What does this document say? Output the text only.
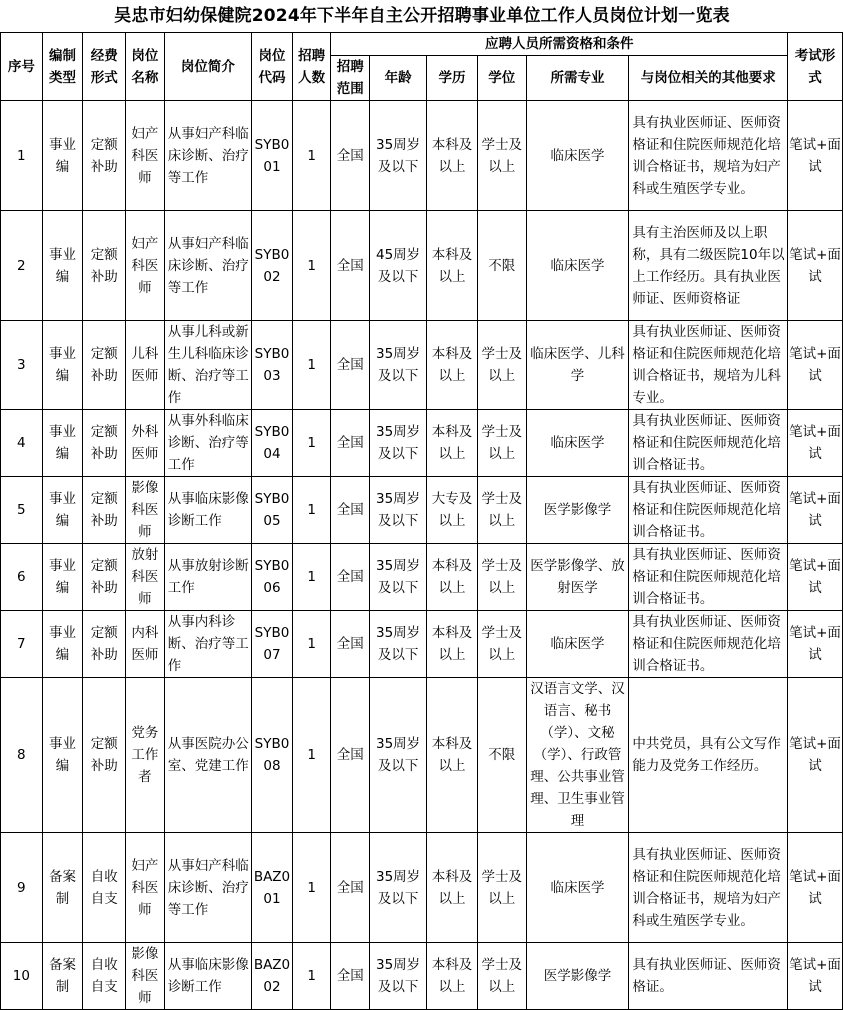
吴忠市妇幼保健院2024年下半年自主公开招聘事业单位工作人员岗位计划一览表
序号	编制类型	经费形式	岗位名称	岗位简介	岗位代码	招聘人数	应聘人员所需资格和条件						考试形式
							招聘范围	年龄	学历	学位	所需专业	与岗位相关的其他要求	
1	事业编	定额补助	妇产科医师	从事妇产科临床诊断、治疗等工作	SYB001	1	全国	35周岁及以下	本科及以上	学士及以上	临床医学	具有执业医师证、医师资格证和住院医师规范化培训合格证书，规培为妇产科或生殖医学专业。	笔试+面试
2	事业编	定额补助	妇产科医师	从事妇产科临床诊断、治疗等工作	SYB002	1	全国	45周岁及以下	本科及以上	不限	临床医学	具有主治医师及以上职称，具有二级医院10年以上工作经历。具有执业医师证、医师资格证	笔试+面试
3	事业编	定额补助	儿科医师	从事儿科或新生儿科临床诊断、治疗等工作	SYB003	1	全国	35周岁及以下	本科及以上	学士及以上	临床医学、儿科学	具有执业医师证、医师资格证和住院医师规范化培训合格证书，规培为儿科专业。	笔试+面试
4	事业编	定额补助	外科医师	从事外科临床诊断、治疗等工作	SYB004	1	全国	35周岁及以下	本科及以上	学士及以上	临床医学	具有执业医师证、医师资格证和住院医师规范化培训合格证书。	笔试+面试
5	事业编	定额补助	影像科医师	从事临床影像诊断工作	SYB005	1	全国	35周岁及以下	大专及以上	学士及以上	医学影像学	具有执业医师证、医师资格证和住院医师规范化培训合格证书。	笔试+面试
6	事业编	定额补助	放射科医师	从事放射诊断工作	SYB006	1	全国	35周岁及以下	本科及以上	学士及以上	医学影像学、放射医学	具有执业医师证、医师资格证和住院医师规范化培训合格证书。	笔试+面试
7	事业编	定额补助	内科医师	从事内科诊断、治疗等工作	SYB007	1	全国	35周岁及以下	本科及以上	学士及以上	临床医学	具有执业医师证、医师资格证和住院医师规范化培训合格证书。	笔试+面试
8	事业编	定额补助	党务工作者	从事医院办公室、党建工作	SYB008	1	全国	35周岁及以下	本科及以上	不限	汉语言文学、汉语言、秘书（学）、文秘（学）、行政管理、公共事业管理、卫生事业管理	中共党员，具有公文写作能力及党务工作经历。	笔试+面试
9	备案制	自收自支	妇产科医师	从事妇产科临床诊断、治疗等工作	BAZ001	1	全国	35周岁及以下	本科及以上	学士及以上	临床医学	具有执业医师证、医师资格证和住院医师规范化培训合格证书，规培为妇产科或生殖医学专业。	笔试+面试
10	备案制	自收自支	影像科医师	从事临床影像诊断工作	BAZ002	1	全国	35周岁及以下	本科及以上	学士及以上	医学影像学	具有执业医师证、医师资格证。	笔试+面试
